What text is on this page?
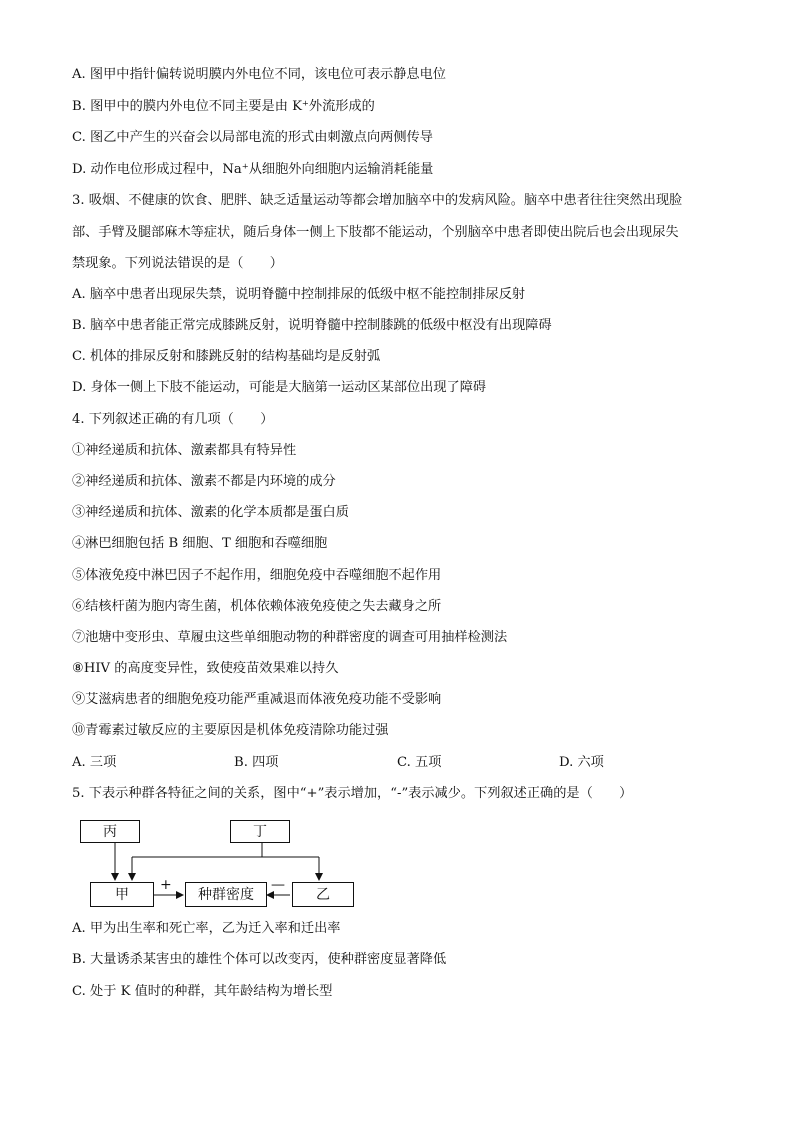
A. 图甲中指针偏转说明膜内外电位不同，该电位可表示静息电位
B. 图甲中的膜内外电位不同主要是由 K⁺外流形成的
C. 图乙中产生的兴奋会以局部电流的形式由刺激点向两侧传导
D. 动作电位形成过程中，Na⁺从细胞外向细胞内运输消耗能量
3. 吸烟、不健康的饮食、肥胖、缺乏适量运动等都会增加脑卒中的发病风险。脑卒中患者往往突然出现脸
部、手臂及腿部麻木等症状，随后身体一侧上下肢都不能运动，个别脑卒中患者即使出院后也会出现尿失
禁现象。下列说法错误的是（　　）
A. 脑卒中患者出现尿失禁，说明脊髓中控制排尿的低级中枢不能控制排尿反射
B. 脑卒中患者能正常完成膝跳反射，说明脊髓中控制膝跳的低级中枢没有出现障碍
C. 机体的排尿反射和膝跳反射的结构基础均是反射弧
D. 身体一侧上下肢不能运动，可能是大脑第一运动区某部位出现了障碍
4. 下列叙述正确的有几项（　　）
①神经递质和抗体、激素都具有特异性
②神经递质和抗体、激素不都是内环境的成分
③神经递质和抗体、激素的化学本质都是蛋白质
④淋巴细胞包括 B 细胞、T 细胞和吞噬细胞
⑤体液免疫中淋巴因子不起作用，细胞免疫中吞噬细胞不起作用
⑥结核杆菌为胞内寄生菌，机体依赖体液免疫使之失去藏身之所
⑦池塘中变形虫、草履虫这些单细胞动物的种群密度的调查可用抽样检测法
⑧HIV 的高度变异性，致使疫苗效果难以持久
⑨艾滋病患者的细胞免疫功能严重减退而体液免疫功能不受影响
⑩青霉素过敏反应的主要原因是机体免疫清除功能过强
A. 三项	B. 四项	C. 五项	D. 六项
5. 下表示种群各特征之间的关系，图中“+”表示增加，“-”表示减少。下列叙述正确的是（　　）
丙	丁
甲	种群密度	乙
+	—
A. 甲为出生率和死亡率，乙为迁入率和迁出率
B. 大量诱杀某害虫的雄性个体可以改变丙，使种群密度显著降低
C. 处于 K 值时的种群，其年龄结构为增长型
